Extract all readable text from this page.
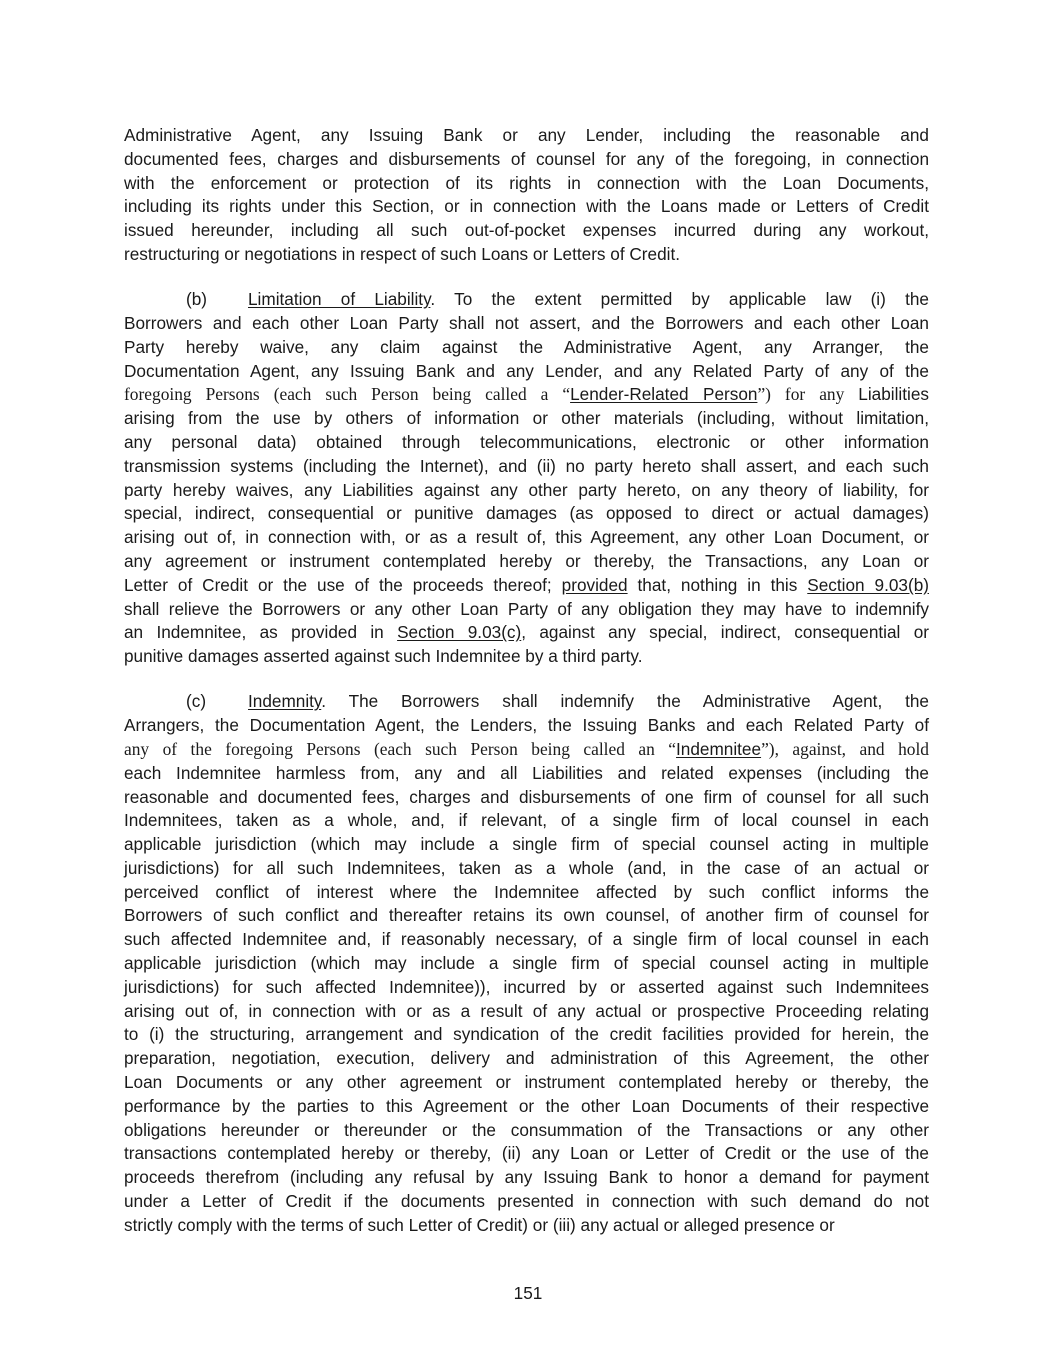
Administrative Agent, any Issuing Bank or any Lender, including the reasonable and
documented fees, charges and disbursements of counsel for any of the foregoing, in connection
with the enforcement or protection of its rights in connection with the Loan Documents,
including its rights under this Section, or in connection with the Loans made or Letters of Credit
issued hereunder, including all such out-of-pocket expenses incurred during any workout,
restructuring or negotiations in respect of such Loans or Letters of Credit.
(b) Limitation of Liability. To the extent permitted by applicable law (i) the
Borrowers and each other Loan Party shall not assert, and the Borrowers and each other Loan
Party hereby waive, any claim against the Administrative Agent, any Arranger, the
Documentation Agent, any Issuing Bank and any Lender, and any Related Party of any of the
foregoing Persons (each such Person being called a “Lender-Related Person”) for any Liabilities
arising from the use by others of information or other materials (including, without limitation,
any personal data) obtained through telecommunications, electronic or other information
transmission systems (including the Internet), and (ii) no party hereto shall assert, and each such
party hereby waives, any Liabilities against any other party hereto, on any theory of liability, for
special, indirect, consequential or punitive damages (as opposed to direct or actual damages)
arising out of, in connection with, or as a result of, this Agreement, any other Loan Document, or
any agreement or instrument contemplated hereby or thereby, the Transactions, any Loan or
Letter of Credit or the use of the proceeds thereof; provided that, nothing in this Section 9.03(b)
shall relieve the Borrowers or any other Loan Party of any obligation they may have to indemnify
an Indemnitee, as provided in Section 9.03(c), against any special, indirect, consequential or
punitive damages asserted against such Indemnitee by a third party.
(c) Indemnity. The Borrowers shall indemnify the Administrative Agent, the
Arrangers, the Documentation Agent, the Lenders, the Issuing Banks and each Related Party of
any of the foregoing Persons (each such Person being called an “Indemnitee”), against, and hold
each Indemnitee harmless from, any and all Liabilities and related expenses (including the
reasonable and documented fees, charges and disbursements of one firm of counsel for all such
Indemnitees, taken as a whole, and, if relevant, of a single firm of local counsel in each
applicable jurisdiction (which may include a single firm of special counsel acting in multiple
jurisdictions) for all such Indemnitees, taken as a whole (and, in the case of an actual or
perceived conflict of interest where the Indemnitee affected by such conflict informs the
Borrowers of such conflict and thereafter retains its own counsel, of another firm of counsel for
such affected Indemnitee and, if reasonably necessary, of a single firm of local counsel in each
applicable jurisdiction (which may include a single firm of special counsel acting in multiple
jurisdictions) for such affected Indemnitee)), incurred by or asserted against such Indemnitees
arising out of, in connection with or as a result of any actual or prospective Proceeding relating
to (i) the structuring, arrangement and syndication of the credit facilities provided for herein, the
preparation, negotiation, execution, delivery and administration of this Agreement, the other
Loan Documents or any other agreement or instrument contemplated hereby or thereby, the
performance by the parties to this Agreement or the other Loan Documents of their respective
obligations hereunder or thereunder or the consummation of the Transactions or any other
transactions contemplated hereby or thereby, (ii) any Loan or Letter of Credit or the use of the
proceeds therefrom (including any refusal by any Issuing Bank to honor a demand for payment
under a Letter of Credit if the documents presented in connection with such demand do not
strictly comply with the terms of such Letter of Credit) or (iii) any actual or alleged presence or
151
